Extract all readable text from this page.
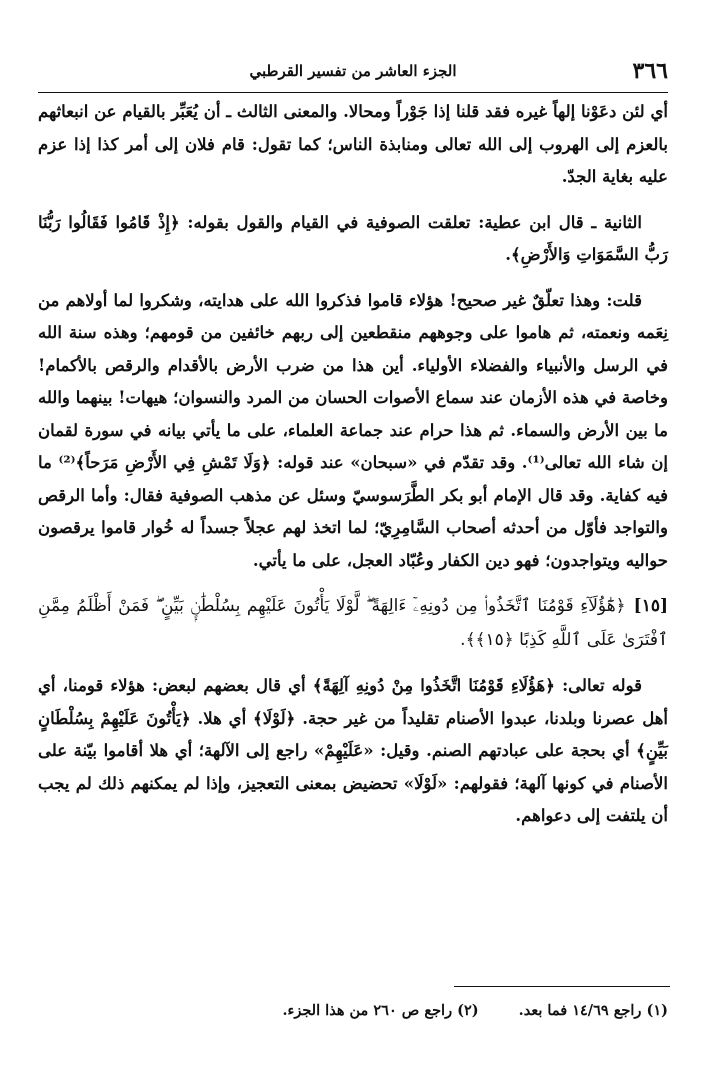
٣٦٦
الجزء العاشر من تفسير القرطبي

أي لئن دعَوْنا إلهاً غيره فقد قلنا إذا جَوْراً ومحالا. والمعنى الثالث ـ أن يُعَبِّر بالقيام عن انبعاثهم بالعزم إلى الهروب إلى الله تعالى ومنابذة الناس؛ كما تقول: قام فلان إلى أمر كذا إذا عزم عليه بغاية الجدّ.

الثانية ـ قال ابن عطية: تعلقت الصوفية في القيام والقول بقوله: ﴿إِذْ قَامُوا فَقَالُوا رَبُّنَا رَبُّ السَّمَوَاتِ وَالأَرْضِ﴾.

قلت: وهذا تعلّقٌ غير صحيح! هؤلاء قاموا فذكروا الله على هدايته، وشكروا لما أولاهم من نِعَمه ونعمته، ثم هاموا على وجوههم منقطعين إلى ربهم خائفين من قومهم؛ وهذه سنة الله في الرسل والأنبياء والفضلاء الأولياء. أين هذا من ضرب الأرض بالأقدام والرقص بالأكمام! وخاصة في هذه الأزمان عند سماع الأصوات الحسان من المرد والنسوان؛ هيهات! بينهما والله ما بين الأرض والسماء. ثم هذا حرام عند جماعة العلماء، على ما يأتي بيانه في سورة لقمان إن شاء الله تعالى⁽¹⁾. وقد تقدّم في «سبحان» عند قوله: ﴿وَلَا تَمْشِ فِي الأَرْضِ مَرَحاً﴾⁽²⁾ ما فيه كفاية. وقد قال الإمام أبو بكر الطَّرَسوسيّ وسئل عن مذهب الصوفية فقال: وأما الرقص والتواجد فأوّل من أحدثه أصحاب السَّامِرِيّ؛ لما اتخذ لهم عجلاً جسداً له خُوار قاموا يرقصون حواليه ويتواجدون؛ فهو دين الكفار وعُبّاد العجل، على ما يأتي.

[١٥]﴿هَٰٓؤُلَآءِ قَوْمُنَا ٱتَّخَذُوا۟ مِن دُونِهِۦٓ ءَالِهَةً ۖ لَّوْلَا يَأْتُونَ عَلَيْهِم بِسُلْطَٰنٍۭ بَيِّنٍ ۖ فَمَنْ أَظْلَمُ مِمَّنِ ٱفْتَرَىٰ عَلَى ٱللَّهِ كَذِبًا ﴿١٥﴾﴾.

قوله تعالى: ﴿هَؤُلَاءِ قَوْمُنَا اتَّخَذُوا مِنْ دُونِهِ آلِهَةً﴾ أي قال بعضهم لبعض: هؤلاء قومنا، أي أهل عصرنا وبلدنا، عبدوا الأصنام تقليداً من غير حجة. ﴿لَوْلَا﴾ أي هلا. ﴿يَأْتُونَ عَلَيْهِمْ بِسُلْطَانٍ بَيِّنٍ﴾ أي بحجة على عبادتهم الصنم. وقيل: «عَلَيْهِمْ» راجع إلى الآلهة؛ أي هلا أقاموا بيّنة على الأصنام في كونها آلهة؛ فقولهم: «لَوْلَا» تحضيض بمعنى التعجيز، وإذا لم يمكنهم ذلك لم يجب أن يلتفت إلى دعواهم.

(١) راجع ١٤/٦٩ فما بعد.
(٢) راجع ص ٢٦٠ من هذا الجزء.
